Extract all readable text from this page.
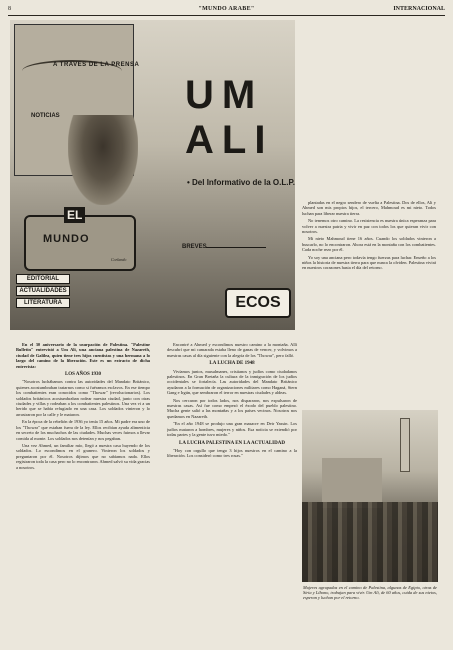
8	"MUNDO ARABE"	INTERNACIONAL
A TRAVES DE LA PRENSA
NOTICIAS
EL
MUNDO
EDITORIAL
ACTUALIDADES
LITERATURA
BREVES
Corlando
ECOS
UM
ALI
• Del Informativo de la O.L.P.

En el 30 aniversario de la usurpación de Palestina. "Palestine Bulletin" entrevistó a Um Ali, una anciana palestina de Nazareth, ciudad de Galilea, quien tiene tres hijos cuentistas y una hermana a lo largo del camino de la liberación. Este es un extracto de dicha entrevista:

LOS AÑOS 1930

"Nosotros luchábamos contra las autoridades del Mandato Británico, quienes acostumbraban tratarnos como si fuéramos esclavos. En ese tiempo los combatientes eran conocidos como "Thowar" (revolucionarios). Los soldados británicos acostumbraban rodear nuestra ciudad, junto con otras ciudades y villas y rodeaban a los combatientes palestinos. Una vez vi a un herido que se había refugiado en una casa. Los soldados vinieron y lo arrastraron por la calle y le mataron.

En la época de la rebelión de 1936 yo tenía 15 años. Mi padre era uno de los "Thowar" que estaban fuera de la ley. Ellos recibían ayuda alimenticia en secreto de los muchachos de las ciudades. Muchas veces fuimos a llevar comida al monte. Los soldados nos detenían y nos pegaban.

Una vez Ahmed, un familiar mío, llegó a nuestra casa huyendo de los soldados. Lo escondimos en el granero. Vinieron los soldados y preguntaron por él. Nosotros dijimos que no sabíamos nada. Ellos registraron toda la casa pero no lo encontraron. Ahmed salvó su vida gracias a nosotros.

Encontré a Ahmed y escondimos nuestro camino a la montaña. Allí descubrí que mi camarada estaba lleno de ganas de vencer, y volvimos a nuestras casas al día siguiente con la alegría de los "Thowar", pero falló.

LA LUCHA DE 1948

Vivíamos juntos, musulmanes, cristianos y judíos como ciudadanos palestinos. En Gran Bretaña la cultura de la inmigración de los judíos occidentales se fortalecía. Las autoridades del Mandato Británico ayudaron a la formación de organizaciones militares como Haganá, Stern Gang e Irgún, que sembraron el terror en nuestras ciudades y aldeas.

Nos cercaron por todos lados, nos dispararon, nos expulsaron de nuestras casas. Así fue como empezó el éxodo del pueblo palestino. Mucha gente salió a las montañas y a los países vecinos. Nosotros nos quedamos en Nazareth.

"En el año 1948 se produjo una gran masacre en Deir Yassin. Los judíos mataron a hombres, mujeres y niños. Esa noticia se extendió por todas partes y la gente tuvo miedo."

LA LUCHA PALESTINA EN LA ACTUALIDAD

"Hoy con orgullo que tengo 3 hijos nuestros en el camino a la liberación. Los consideró como tres rosas."

plantadas en el negro sendero de vuelta a Palestina. Dos de ellos, Ali y Ahmed son mis propios hijos, el tercero, Mahmoud es mi nieto. Todos luchan para liberar nuestra tierra.

No tenemos otro camino. La resistencia es nuestra única esperanza para volver a nuestra patria y vivir en paz con todos los que quieran vivir con nosotros.

Mi nieto Mahmoud tiene 16 años. Cuando los soldados vinieron a buscarlo, no lo encontraron. Ahora está en la montaña con los combatientes. Cada noche rezo por él.

Yo soy una anciana pero todavía tengo fuerzas para luchar. Enseño a los niños la historia de nuestra tierra para que nunca la olviden. Palestina vivirá en nuestros corazones hasta el día del retorno.

Mujeres agrupadas en el camino de Palestina, algunas de Egipto, otras de Siria y Líbano, trabajan para vivir. Um Ali, de 60 años, cuida de sus nietos, esperan y luchan por el retorno.
